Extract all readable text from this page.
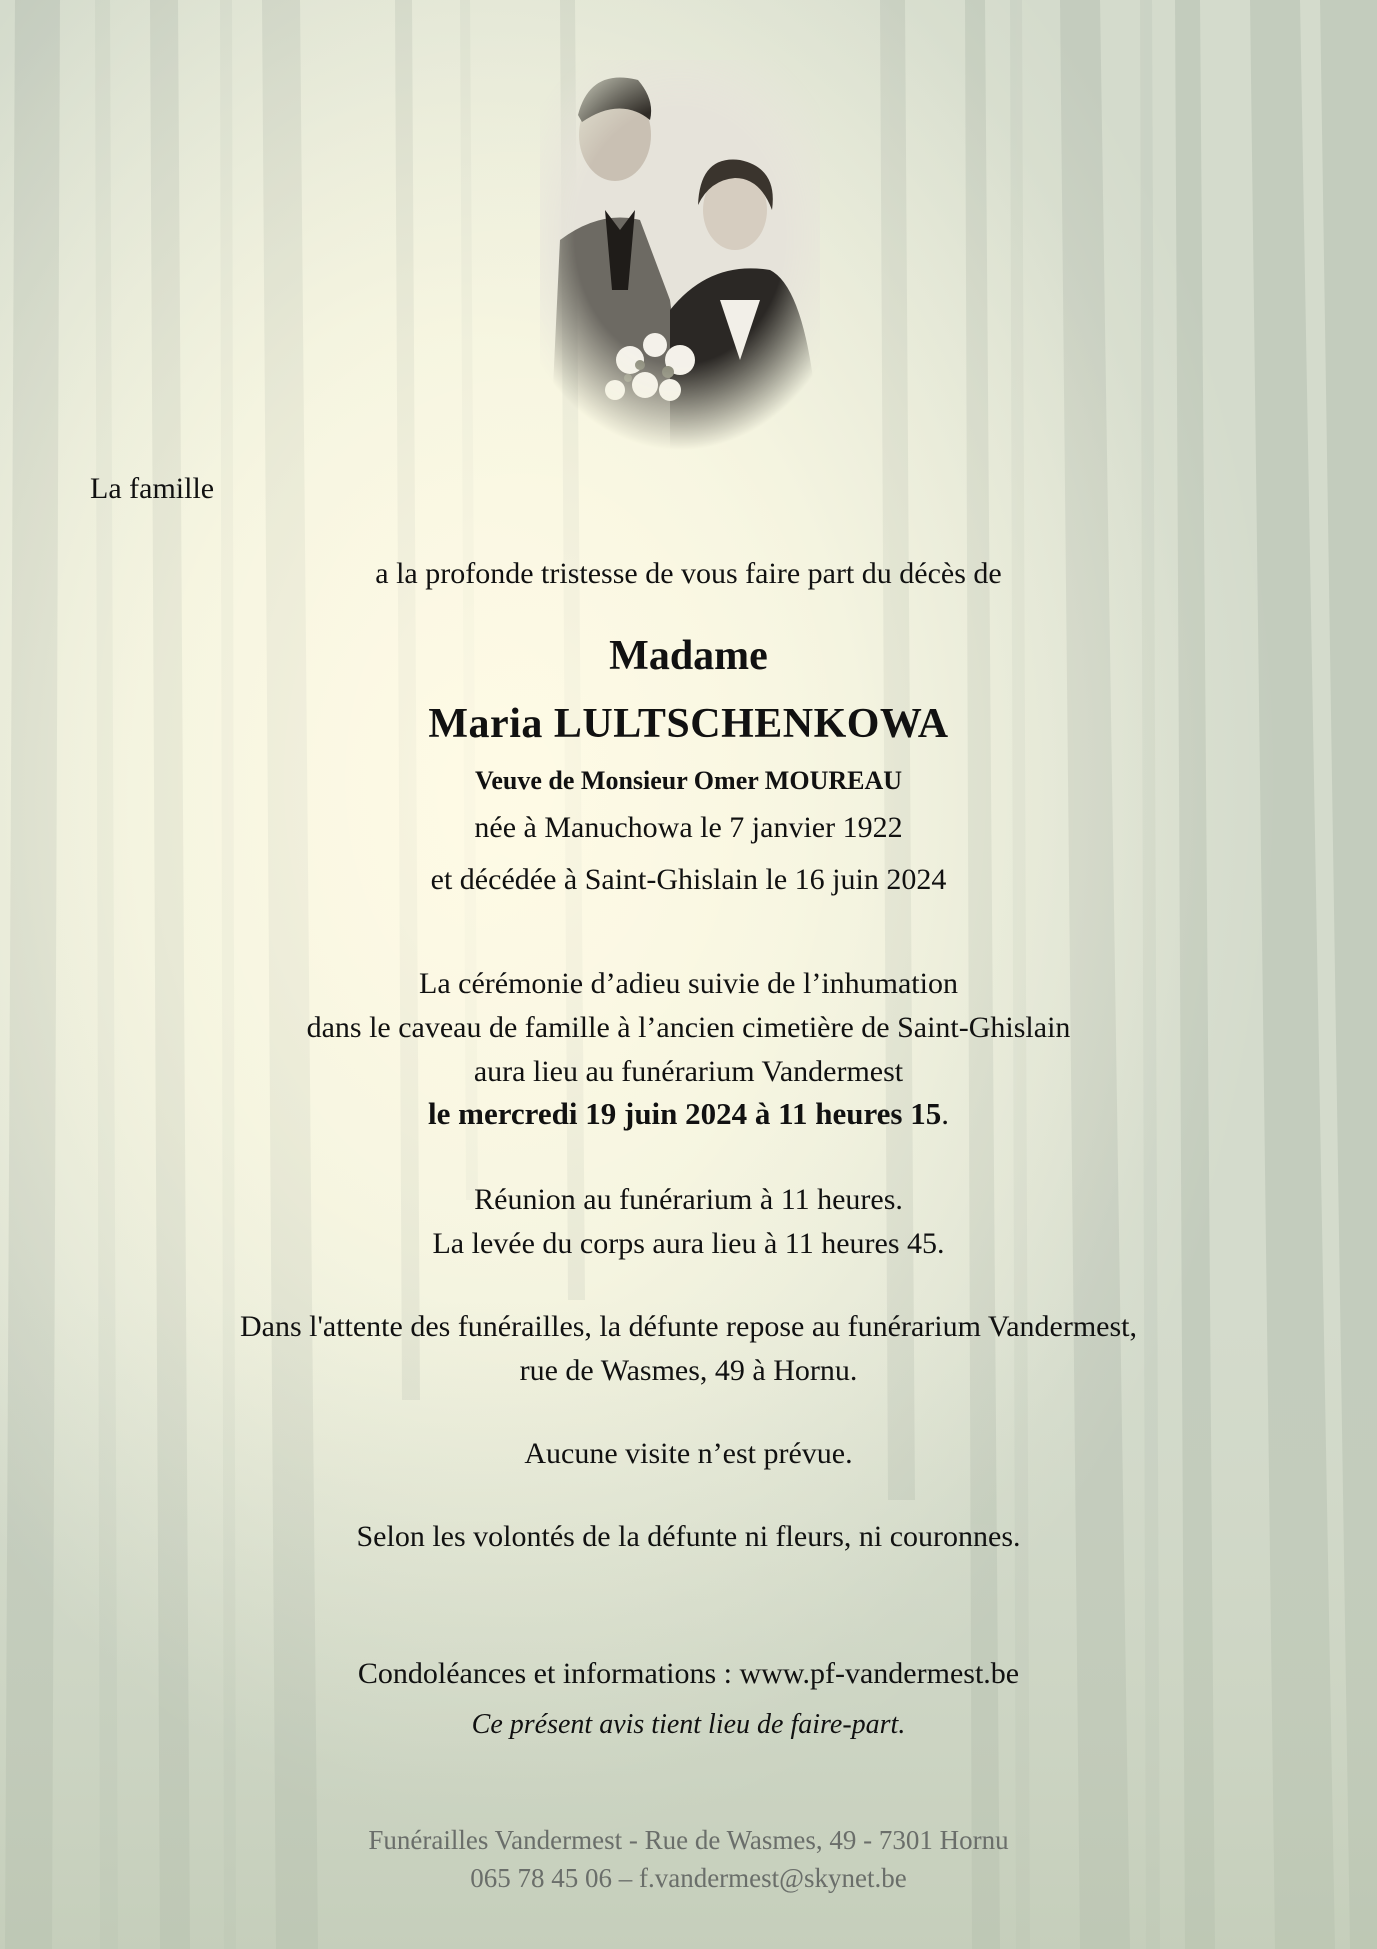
La famille
a la profonde tristesse de vous faire part du décès de
Madame
Maria LULTSCHENKOWA
Veuve de Monsieur Omer MOUREAU
née à Manuchowa le 7 janvier 1922
et décédée à Saint-Ghislain le 16 juin 2024
La cérémonie d’adieu suivie de l’inhumation
dans le caveau de famille à l’ancien cimetière de Saint-Ghislain
aura lieu au funérarium Vandermest
le mercredi 19 juin 2024 à 11 heures 15.
Réunion au funérarium à 11 heures.
La levée du corps aura lieu à 11 heures 45.
Dans l'attente des funérailles, la défunte repose au funérarium Vandermest,
rue de Wasmes, 49 à Hornu.
Aucune visite n’est prévue.
Selon les volontés de la défunte ni fleurs, ni couronnes.
Condoléances et informations : www.pf-vandermest.be
Ce présent avis tient lieu de faire-part.
Funérailles Vandermest - Rue de Wasmes, 49 - 7301 Hornu
065 78 45 06 – f.vandermest@skynet.be
